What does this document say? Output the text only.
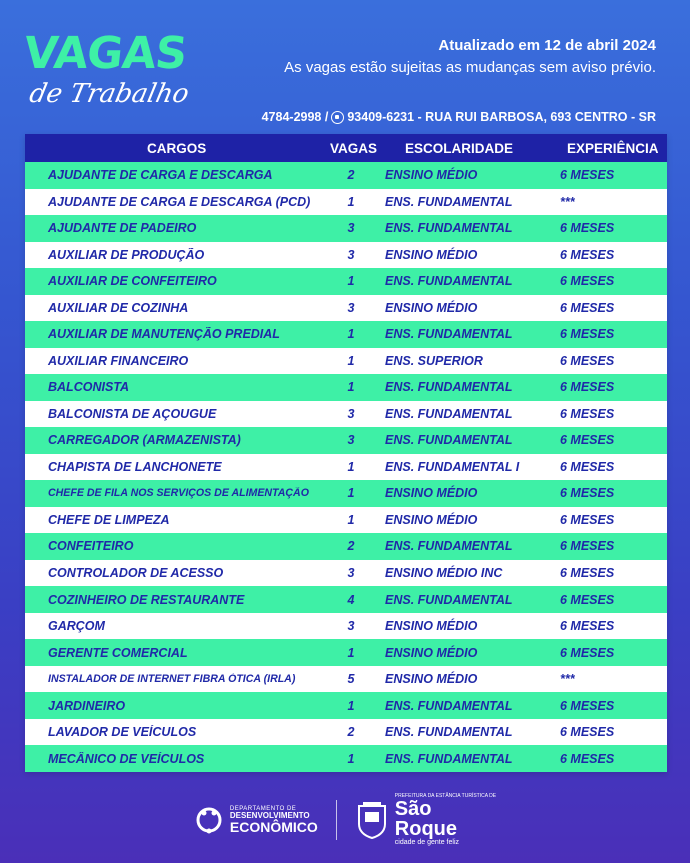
VAGAS
de Trabalho
Atualizado em 12 de abril 2024
As vagas estão sujeitas as mudanças sem aviso prévio.
4784-2998 / 93409-6231 - RUA RUI BARBOSA, 693 CENTRO - SR
CARGOS	VAGAS	ESCOLARIDADE	EXPERIÊNCIA
AJUDANTE DE CARGA E DESCARGA	2	ENSINO MÉDIO	6 MESES
AJUDANTE DE CARGA E DESCARGA (PCD)	1	ENS. FUNDAMENTAL	***
AJUDANTE DE PADEIRO	3	ENS. FUNDAMENTAL	6 MESES
AUXILIAR DE PRODUÇÃO	3	ENSINO MÉDIO	6 MESES
AUXILIAR DE CONFEITEIRO	1	ENS. FUNDAMENTAL	6 MESES
AUXILIAR DE COZINHA	3	ENSINO MÉDIO	6 MESES
AUXILIAR DE MANUTENÇÃO PREDIAL	1	ENS. FUNDAMENTAL	6 MESES
AUXILIAR FINANCEIRO	1	ENS. SUPERIOR	6 MESES
BALCONISTA	1	ENS. FUNDAMENTAL	6 MESES
BALCONISTA DE AÇOUGUE	3	ENS. FUNDAMENTAL	6 MESES
CARREGADOR (ARMAZENISTA)	3	ENS. FUNDAMENTAL	6 MESES
CHAPISTA DE LANCHONETE	1	ENS. FUNDAMENTAL I	6 MESES
CHEFE DE FILA NOS SERVIÇOS DE ALIMENTAÇÃO	1	ENSINO MÉDIO	6 MESES
CHEFE DE LIMPEZA	1	ENSINO MÉDIO	6 MESES
CONFEITEIRO	2	ENS. FUNDAMENTAL	6 MESES
CONTROLADOR DE ACESSO	3	ENSINO MÉDIO INC	6 MESES
COZINHEIRO DE RESTAURANTE	4	ENS. FUNDAMENTAL	6 MESES
GARÇOM	3	ENSINO MÉDIO	6 MESES
GERENTE COMERCIAL	1	ENSINO MÉDIO	6 MESES
INSTALADOR DE INTERNET FIBRA ÓTICA (IRLA)	5	ENSINO MÉDIO	***
JARDINEIRO	1	ENS. FUNDAMENTAL	6 MESES
LAVADOR DE VEÍCULOS	2	ENS. FUNDAMENTAL	6 MESES
MECÂNICO DE VEÍCULOS	1	ENS. FUNDAMENTAL	6 MESES
DEPARTAMENTO DE
DESENVOLVIMENTO
ECONÔMICO
PREFEITURA DA ESTÂNCIA TURÍSTICA DE
São
Roque
cidade de gente feliz
